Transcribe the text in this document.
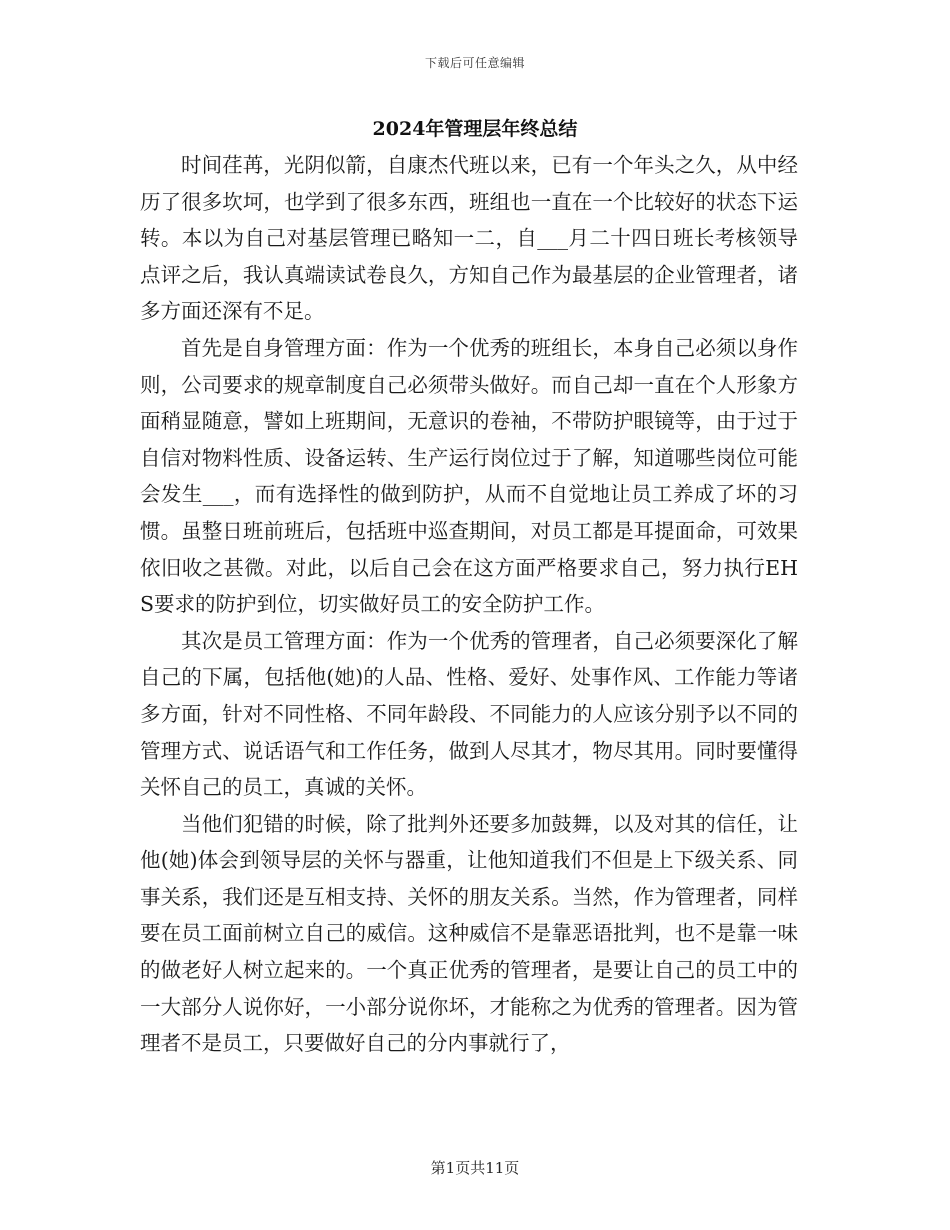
下载后可任意编辑
2024年管理层年终总结

时间荏苒，光阴似箭，自康杰代班以来，已有一个年头之久，从中经历了很多坎坷，也学到了很多东西，班组也一直在一个比较好的状态下运转。本以为自己对基层管理已略知一二，自___月二十四日班长考核领导点评之后，我认真端读试卷良久，方知自己作为最基层的企业管理者，诸多方面还深有不足。

首先是自身管理方面：作为一个优秀的班组长，本身自己必须以身作则，公司要求的规章制度自己必须带头做好。而自己却一直在个人形象方面稍显随意，譬如上班期间，无意识的卷袖，不带防护眼镜等，由于过于自信对物料性质、设备运转、生产运行岗位过于了解，知道哪些岗位可能会发生___，而有选择性的做到防护，从而不自觉地让员工养成了坏的习惯。虽整日班前班后，包括班中巡查期间，对员工都是耳提面命，可效果依旧收之甚微。对此，以后自己会在这方面严格要求自己，努力执行EHS要求的防护到位，切实做好员工的安全防护工作。

其次是员工管理方面：作为一个优秀的管理者，自己必须要深化了解自己的下属，包括他(她)的人品、性格、爱好、处事作风、工作能力等诸多方面，针对不同性格、不同年龄段、不同能力的人应该分别予以不同的管理方式、说话语气和工作任务，做到人尽其才，物尽其用。同时要懂得关怀自己的员工，真诚的关怀。

当他们犯错的时候，除了批判外还要多加鼓舞，以及对其的信任，让他(她)体会到领导层的关怀与器重，让他知道我们不但是上下级关系、同事关系，我们还是互相支持、关怀的朋友关系。当然，作为管理者，同样要在员工面前树立自己的威信。这种威信不是靠恶语批判，也不是靠一味的做老好人树立起来的。一个真正优秀的管理者，是要让自己的员工中的一大部分人说你好，一小部分说你坏，才能称之为优秀的管理者。因为管理者不是员工，只要做好自己的分内事就行了，

第1页共11页
